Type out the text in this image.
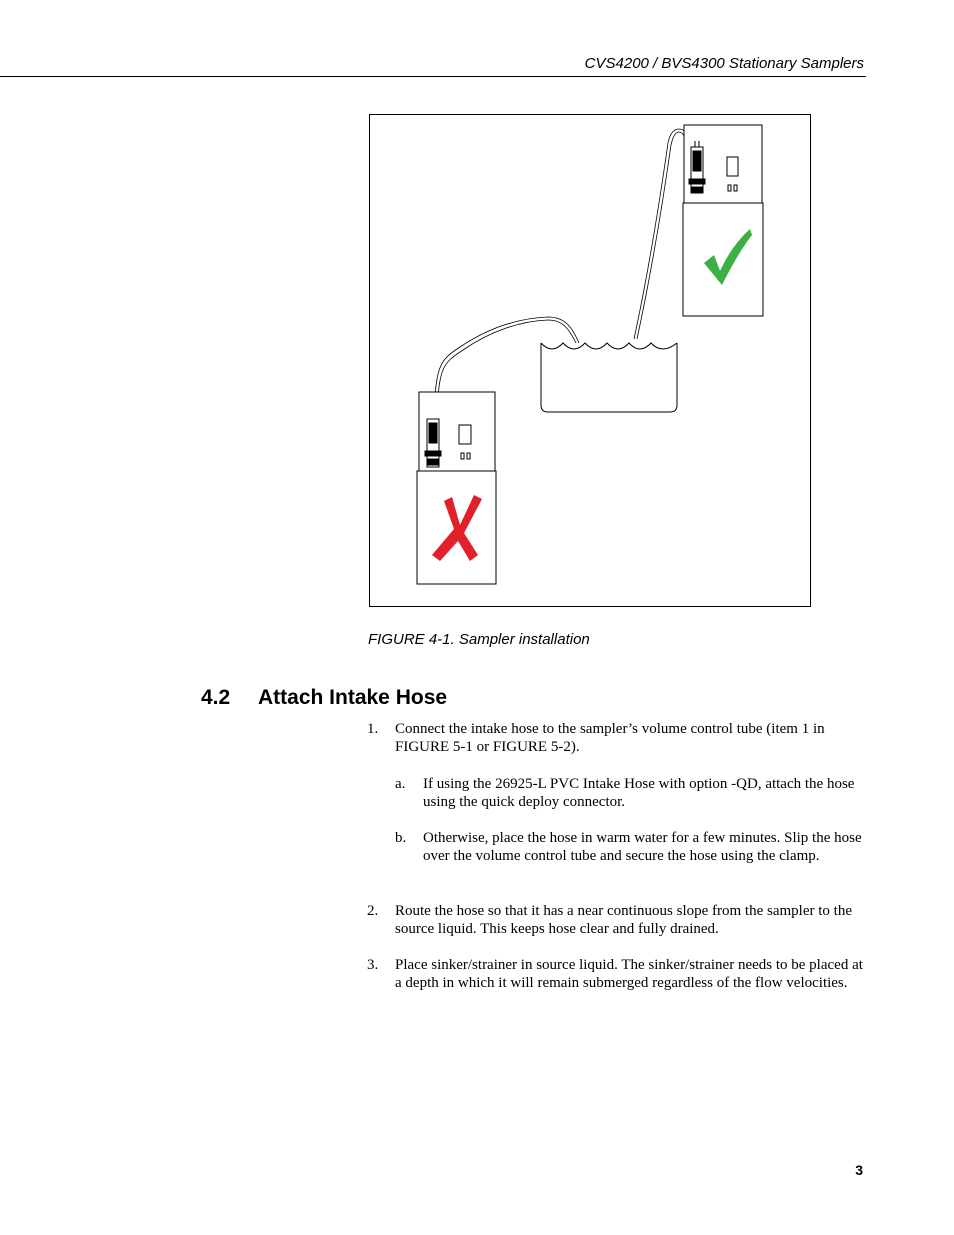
CVS4200 / BVS4300 Stationary Samplers
FIGURE 4-1. Sampler installation
4.2 Attach Intake Hose
1.	Connect the intake hose to the sampler’s volume control tube (item 1 in FIGURE 5-1 or FIGURE 5-2).
a.	If using the 26925-L PVC Intake Hose with option -QD, attach the hose using the quick deploy connector.
b.	Otherwise, place the hose in warm water for a few minutes. Slip the hose over the volume control tube and secure the hose using the clamp.
2.	Route the hose so that it has a near continuous slope from the sampler to the source liquid. This keeps hose clear and fully drained.
3.	Place sinker/strainer in source liquid. The sinker/strainer needs to be placed at a depth in which it will remain submerged regardless of the flow velocities.
3
